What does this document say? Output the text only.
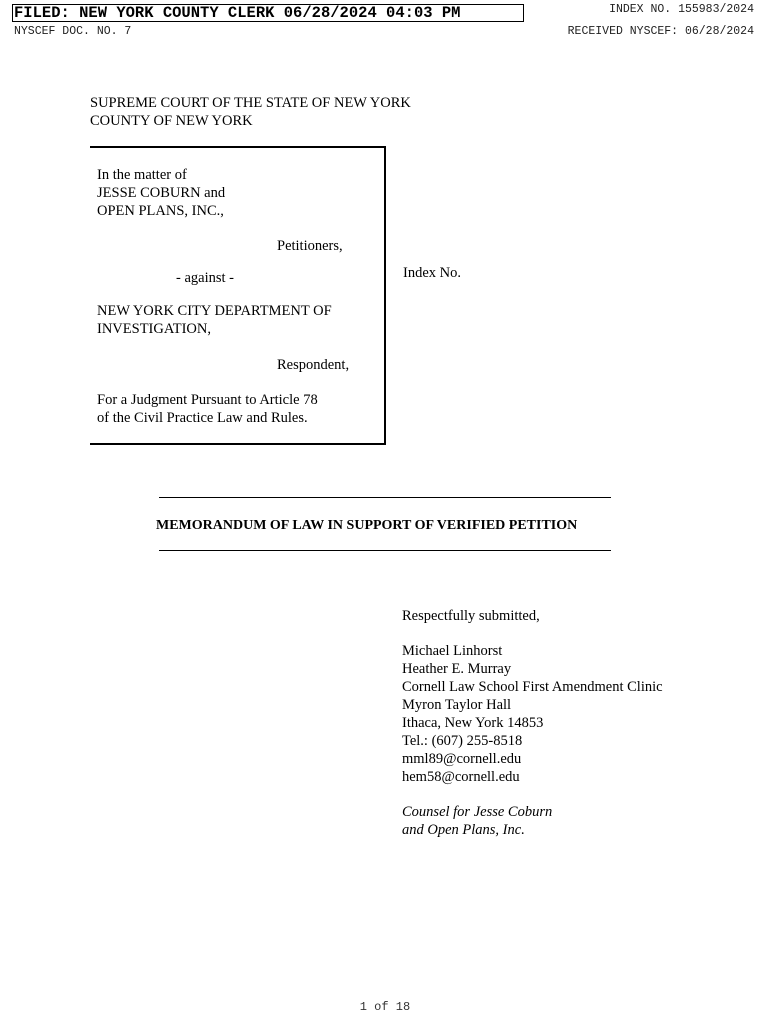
FILED: NEW YORK COUNTY CLERK 06/28/2024 04:03 PM
NYSCEF DOC. NO. 7
INDEX NO. 155983/2024
RECEIVED NYSCEF: 06/28/2024
SUPREME COURT OF THE STATE OF NEW YORK
COUNTY OF NEW YORK
In the matter of
JESSE COBURN and
OPEN PLANS, INC.,
Petitioners,
- against -
NEW YORK CITY DEPARTMENT OF
INVESTIGATION,
Respondent,
For a Judgment Pursuant to Article 78
of the Civil Practice Law and Rules.
Index No.
MEMORANDUM OF LAW IN SUPPORT OF VERIFIED PETITION
Respectfully submitted,
Michael Linhorst
Heather E. Murray
Cornell Law School First Amendment Clinic
Myron Taylor Hall
Ithaca, New York 14853
Tel.: (607) 255-8518
mml89@cornell.edu
hem58@cornell.edu
Counsel for Jesse Coburn
and Open Plans, Inc.
1 of 18
